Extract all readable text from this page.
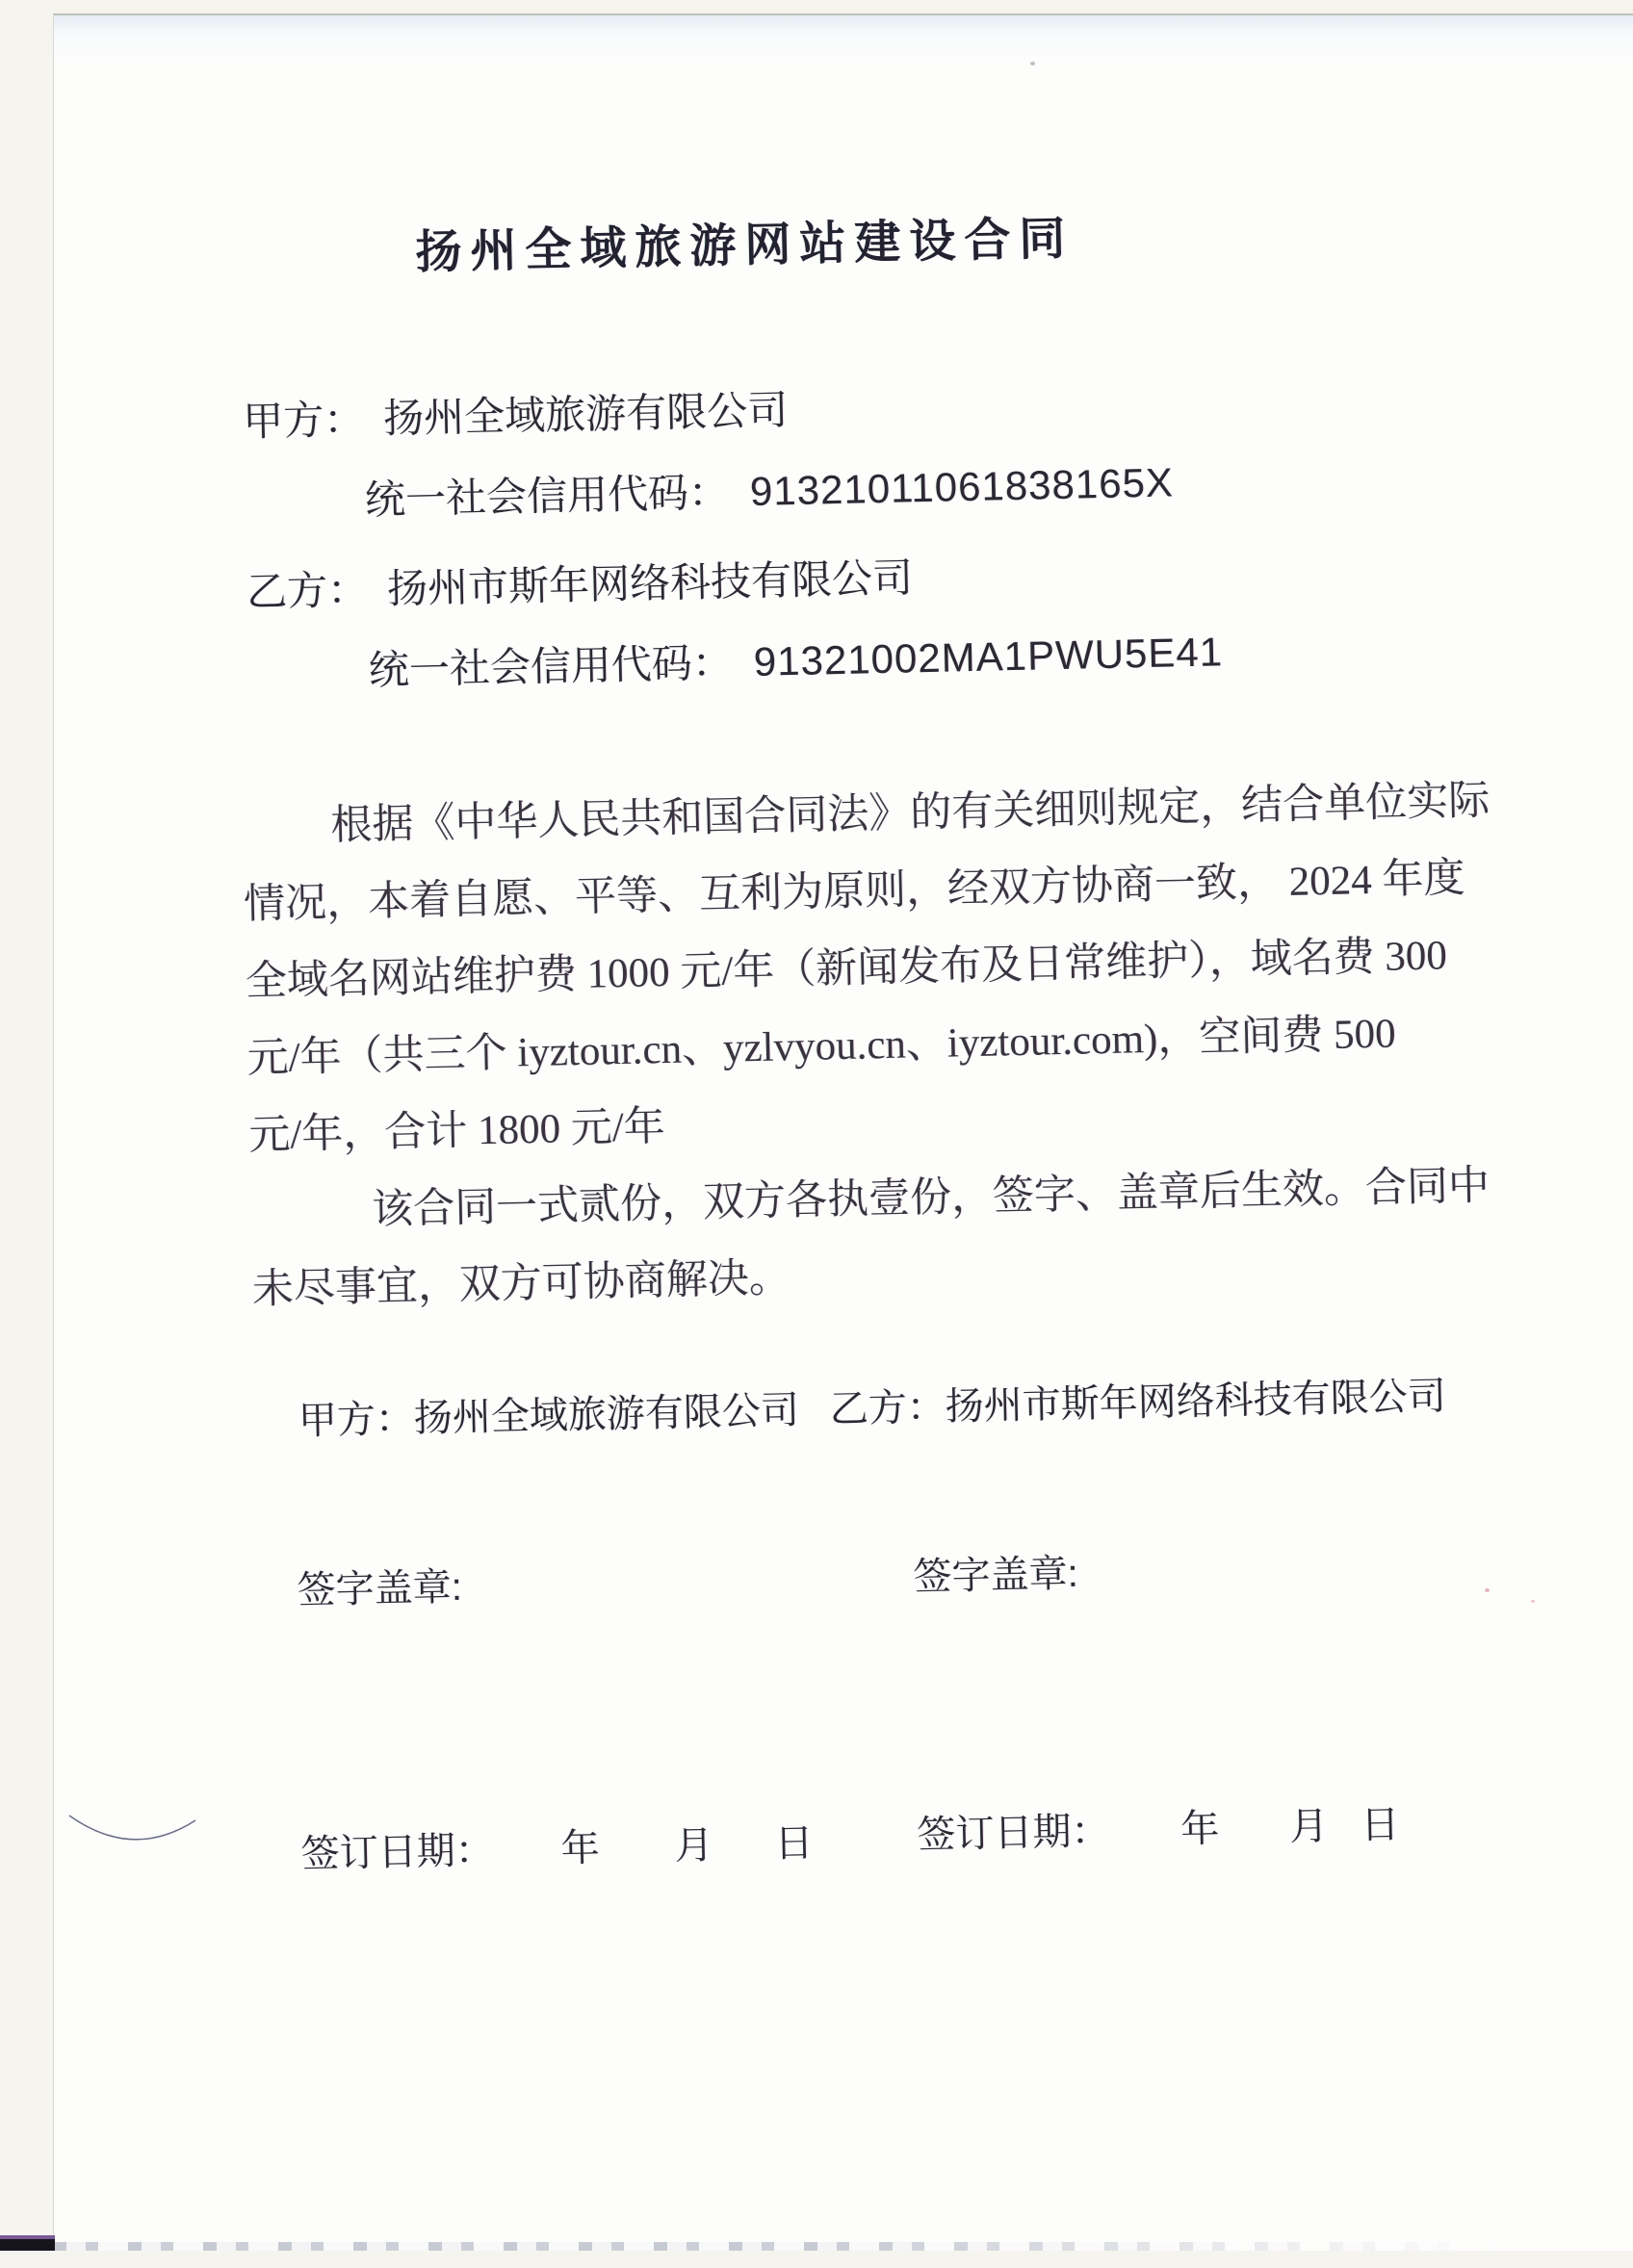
扬州全域旅游网站建设合同
甲方： 扬州全域旅游有限公司
统一社会信用代码： 91321011061838165X
乙方： 扬州市斯年网络科技有限公司
统一社会信用代码： 91321002MA1PWU5E41
根据《中华人民共和国合同法》的有关细则规定，结合单位实际
情况，本着自愿、平等、互利为原则，经双方协商一致， 2024 年度
全域名网站维护费 1000 元/年（新闻发布及日常维护），域名费 300
元/年（共三个 iyztour.cn、yzlvyou.cn、iyztour.com)，空间费 500
元/年，合计 1800 元/年
该合同一式贰份，双方各执壹份，签字、盖章后生效。合同中
未尽事宜，双方可协商解决。
甲方：扬州全域旅游有限公司 乙方：扬州市斯年网络科技有限公司
签字盖章:	签字盖章:
签订日期： 年 月 日	签订日期： 年 月 日
